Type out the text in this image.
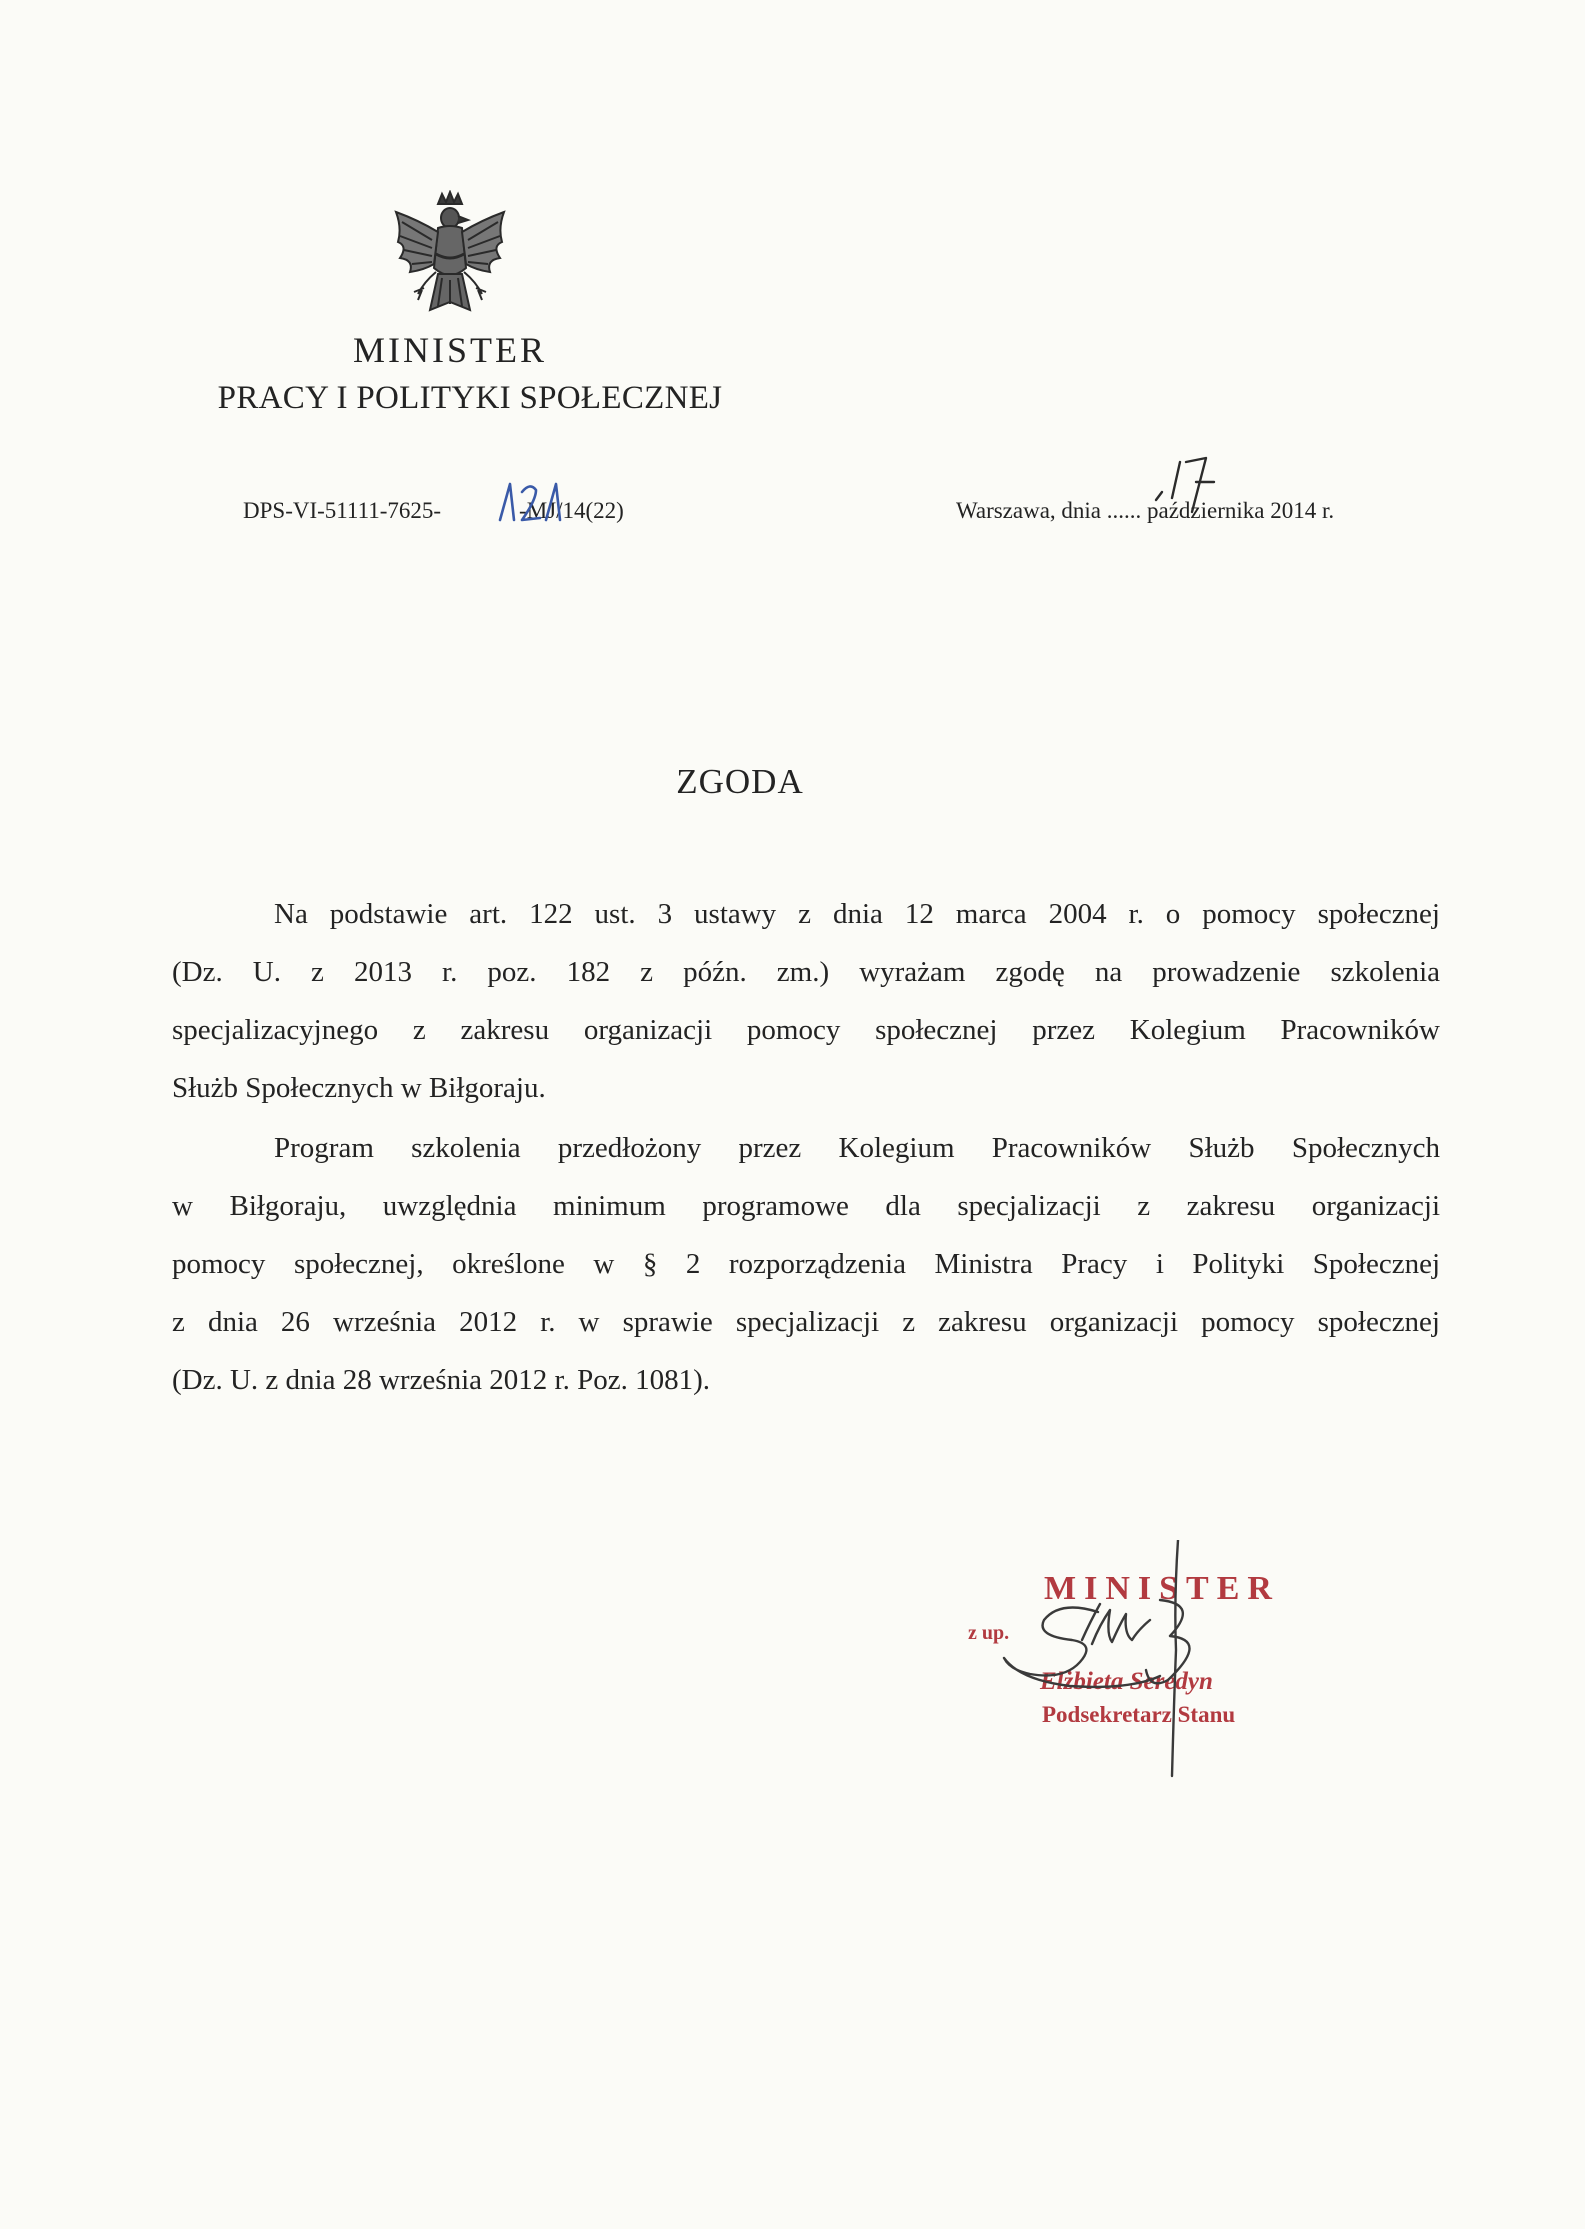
MINISTER
PRACY I POLITYKI SPOŁECZNEJ
DPS-VI-51111-7625-	-MJ/14(22)	Warszawa, dnia ...... października 2014 r.
ZGODA
Na podstawie art. 122 ust. 3 ustawy z dnia 12 marca 2004 r. o pomocy społecznej
(Dz. U. z 2013 r. poz. 182 z późn. zm.) wyrażam zgodę na prowadzenie szkolenia
specjalizacyjnego z zakresu organizacji pomocy społecznej przez Kolegium Pracowników
Służb Społecznych w Biłgoraju.
Program szkolenia przedłożony przez Kolegium Pracowników Służb Społecznych
w Biłgoraju, uwzględnia minimum programowe dla specjalizacji z zakresu organizacji
pomocy społecznej, określone w § 2 rozporządzenia Ministra Pracy i Polityki Społecznej
z dnia 26 września 2012 r. w sprawie specjalizacji z zakresu organizacji pomocy społecznej
(Dz. U. z dnia 28 września 2012 r. Poz. 1081).
MINISTER
z up.
Elżbieta Seredyn
Podsekretarz Stanu
